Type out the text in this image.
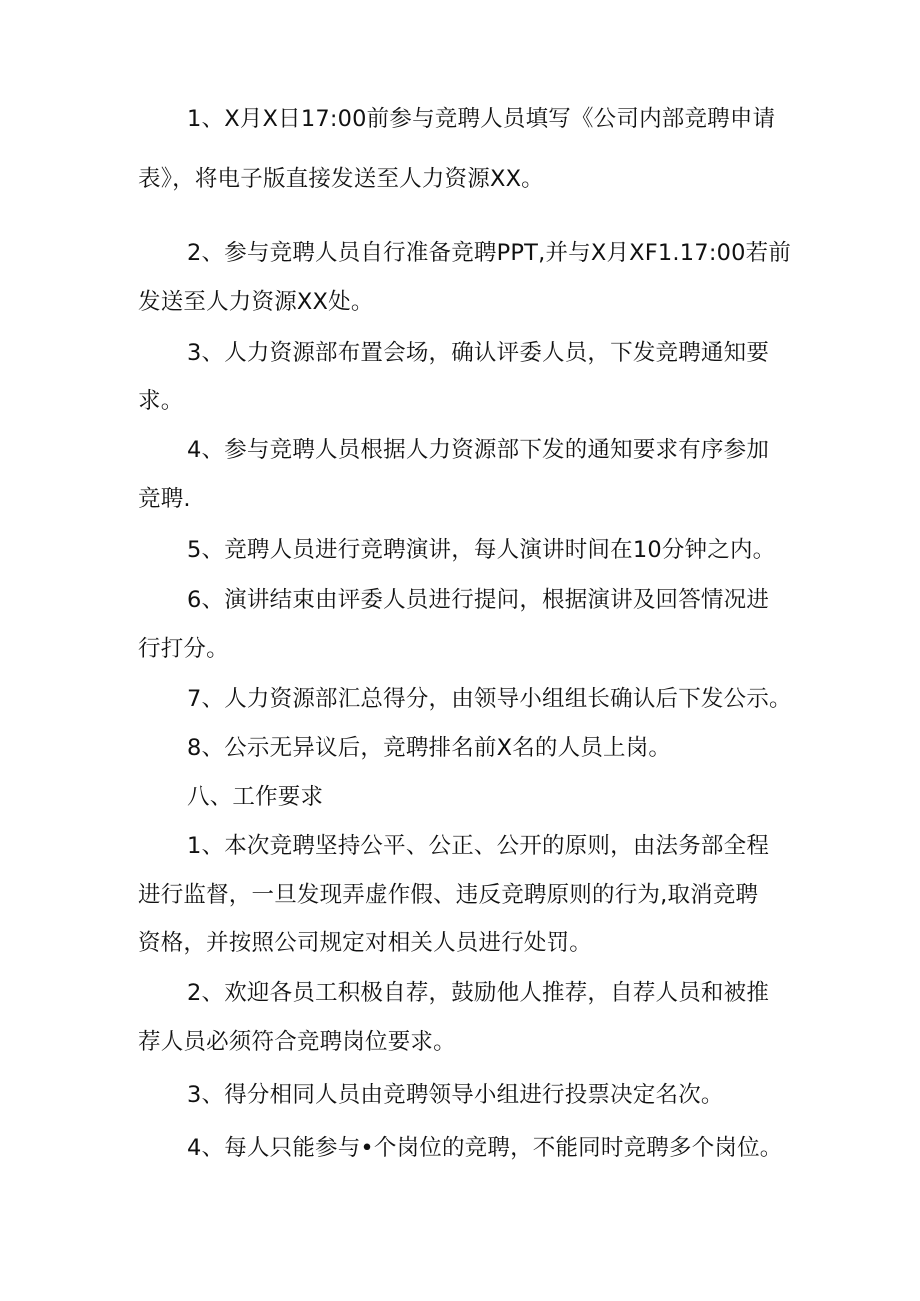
1、X月X日17:00前参与竞聘人员填写《公司内部竞聘申请
表》，将电子版直接发送至人力资源XX。
2、参与竞聘人员自行准备竞聘PPT,并与X月XF1.17:00若前
发送至人力资源XX处。
3、人力资源部布置会场，确认评委人员，下发竞聘通知要
求。
4、参与竞聘人员根据人力资源部下发的通知要求有序参加
竞聘.
5、竞聘人员进行竞聘演讲，每人演讲时间在10分钟之内。
6、演讲结束由评委人员进行提问，根据演讲及回答情况进
行打分。
7、人力资源部汇总得分，由领导小组组长确认后下发公示。
8、公示无异议后，竞聘排名前X名的人员上岗。
八、工作要求
1、本次竞聘坚持公平、公正、公开的原则，由法务部全程
进行监督，一旦发现弄虚作假、违反竞聘原则的行为,取消竞聘
资格，并按照公司规定对相关人员进行处罚。
2、欢迎各员工积极自荐，鼓励他人推荐，自荐人员和被推
荐人员必须符合竞聘岗位要求。
3、得分相同人员由竞聘领导小组进行投票决定名次。
4、每人只能参与•个岗位的竞聘，不能同时竞聘多个岗位。
